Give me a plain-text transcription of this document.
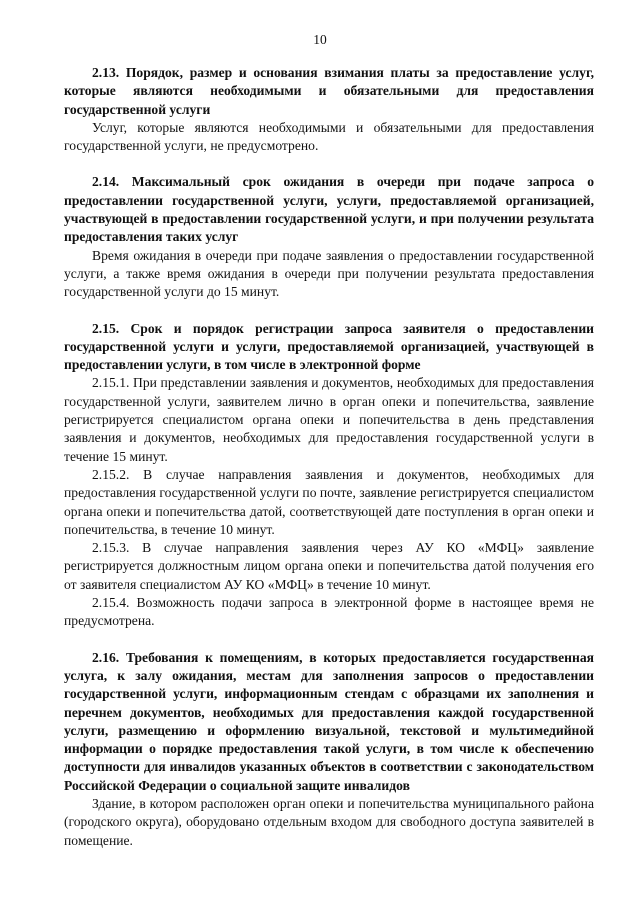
10

2.13. Порядок, размер и основания взимания платы за предоставление услуг, которые являются необходимыми и обязательными для предоставления государственной услуги

Услуг, которые являются необходимыми и обязательными для предоставления государственной услуги, не предусмотрено.

2.14. Максимальный срок ожидания в очереди при подаче запроса о предоставлении государственной услуги, услуги, предоставляемой организацией, участвующей в предоставлении государственной услуги, и при получении результата предоставления таких услуг

Время ожидания в очереди при подаче заявления о предоставлении государственной услуги, а также время ожидания в очереди при получении результата предоставления государственной услуги до 15 минут.

2.15. Срок и порядок регистрации запроса заявителя о предоставлении государственной услуги и услуги, предоставляемой организацией, участвующей в предоставлении услуги, в том числе в электронной форме

2.15.1. При представлении заявления и документов, необходимых для предоставления государственной услуги, заявителем лично в орган опеки и попечительства, заявление регистрируется специалистом органа опеки и попечительства в день представления заявления и документов, необходимых для предоставления государственной услуги в течение 15 минут.

2.15.2. В случае направления заявления и документов, необходимых для предоставления государственной услуги по почте, заявление регистрируется специалистом органа опеки и попечительства датой, соответствующей дате поступления в орган опеки и попечительства, в течение 10 минут.

2.15.3. В случае направления заявления через АУ КО «МФЦ» заявление регистрируется должностным лицом органа опеки и попечительства датой получения его от заявителя специалистом АУ КО «МФЦ» в течение 10 минут.

2.15.4. Возможность подачи запроса в электронной форме в настоящее время не предусмотрена.

2.16. Требования к помещениям, в которых предоставляется государственная услуга, к залу ожидания, местам для заполнения запросов о предоставлении государственной услуги, информационным стендам с образцами их заполнения и перечнем документов, необходимых для предоставления каждой государственной услуги, размещению и оформлению визуальной, текстовой и мультимедийной информации о порядке предоставления такой услуги, в том числе к обеспечению доступности для инвалидов указанных объектов в соответствии с законодательством Российской Федерации о социальной защите инвалидов

Здание, в котором расположен орган опеки и попечительства муниципального района (городского округа), оборудовано отдельным входом для свободного доступа заявителей в помещение.
